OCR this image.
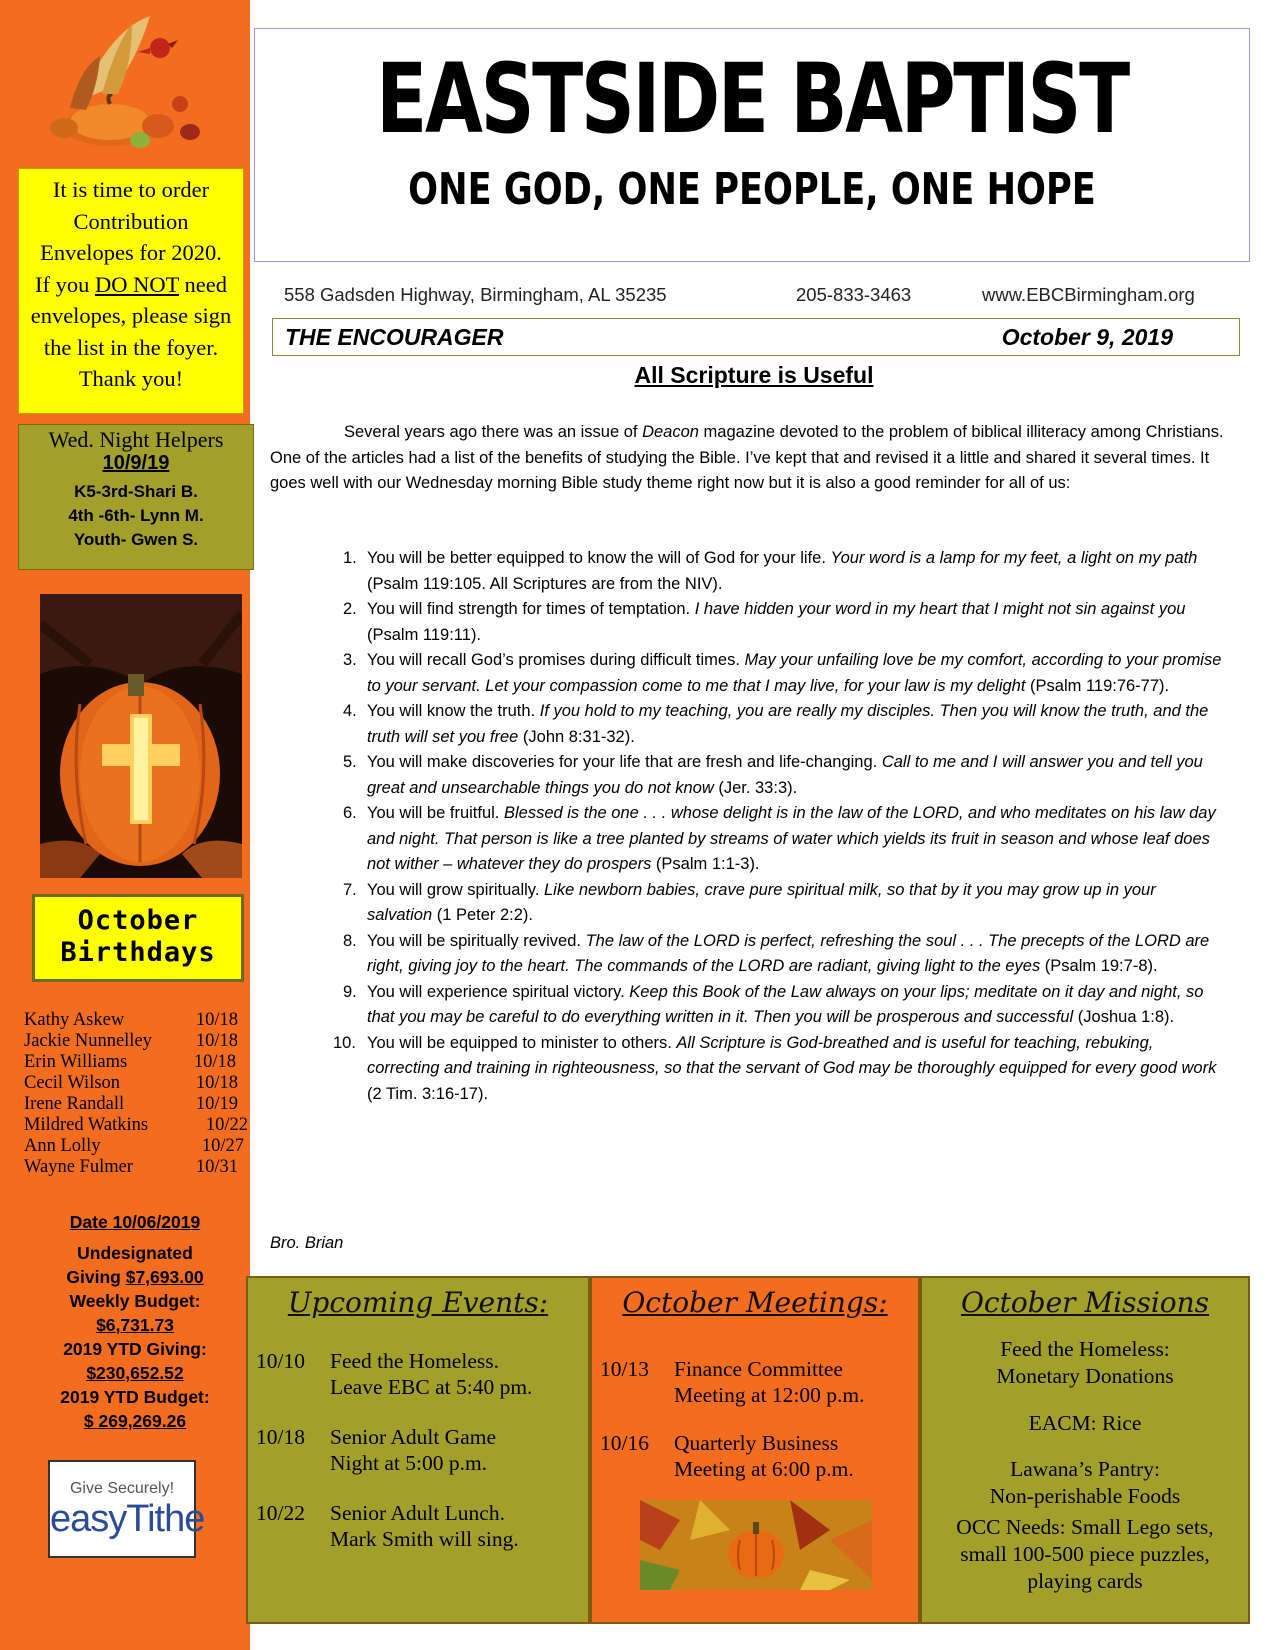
It is time to order
Contribution
Envelopes for 2020.
If you DO NOT need
envelopes, please sign
the list in the foyer.
Thank you!
Wed. Night Helpers
10/9/19
K5-3rd-Shari B.
4th -6th- Lynn M.
Youth- Gwen S.
October
Birthdays
Kathy Askew	10/18
Jackie Nunnelley 10/18
Erin Williams	10/18
Cecil Wilson	10/18
Irene Randall	10/19
Mildred Watkins	10/22
Ann Lolly	10/27
Wayne Fulmer	10/31
Date 10/06/2019
Undesignated
Giving $7,693.00
Weekly Budget:
$6,731.73
2019 YTD Giving:
$230,652.52
2019 YTD Budget:
$ 269,269.26
Give Securely!
easyTithe
EASTSIDE BAPTIST
ONE GOD, ONE PEOPLE, ONE HOPE
558 Gadsden Highway, Birmingham, AL 35235	205-833-3463	www.EBCBirmingham.org
THE ENCOURAGER	October 9, 2019
All Scripture is Useful
Several years ago there was an issue of Deacon magazine devoted to the problem of biblical illiteracy among Christians. One of the articles had a list of the benefits of studying the Bible. I’ve kept that and revised it a little and shared it several times. It goes well with our Wednesday morning Bible study theme right now but it is also a good reminder for all of us:
1. You will be better equipped to know the will of God for your life. Your word is a lamp for my feet, a light on my path (Psalm 119:105. All Scriptures are from the NIV).
2. You will find strength for times of temptation. I have hidden your word in my heart that I might not sin against you (Psalm 119:11).
3. You will recall God’s promises during difficult times. May your unfailing love be my comfort, according to your promise to your servant. Let your compassion come to me that I may live, for your law is my delight (Psalm 119:76-77).
4. You will know the truth. If you hold to my teaching, you are really my disciples. Then you will know the truth, and the truth will set you free (John 8:31-32).
5. You will make discoveries for your life that are fresh and life-changing. Call to me and I will answer you and tell you great and unsearchable things you do not know (Jer. 33:3).
6. You will be fruitful. Blessed is the one . . . whose delight is in the law of the LORD, and who meditates on his law day and night. That person is like a tree planted by streams of water which yields its fruit in season and whose leaf does not wither – whatever they do prospers (Psalm 1:1-3).
7. You will grow spiritually. Like newborn babies, crave pure spiritual milk, so that by it you may grow up in your salvation (1 Peter 2:2).
8. You will be spiritually revived. The law of the LORD is perfect, refreshing the soul . . . The precepts of the LORD are right, giving joy to the heart. The commands of the LORD are radiant, giving light to the eyes (Psalm 19:7-8).
9. You will experience spiritual victory. Keep this Book of the Law always on your lips; meditate on it day and night, so that you may be careful to do everything written in it. Then you will be prosperous and successful (Joshua 1:8).
10. You will be equipped to minister to others. All Scripture is God-breathed and is useful for teaching, rebuking, correcting and training in righteousness, so that the servant of God may be thoroughly equipped for every good work (2 Tim. 3:16-17).
Bro. Brian
Upcoming Events:
10/10 Feed the Homeless.
Leave EBC at 5:40 pm.
10/18 Senior Adult Game
Night at 5:00 p.m.
10/22 Senior Adult Lunch.
Mark Smith will sing.
October Meetings:
10/13 Finance Committee
Meeting at 12:00 p.m.
10/16 Quarterly Business
Meeting at 6:00 p.m.
October Missions
Feed the Homeless:
Monetary Donations
EACM: Rice
Lawana’s Pantry:
Non-perishable Foods
OCC Needs: Small Lego sets,
small 100-500 piece puzzles,
playing cards
